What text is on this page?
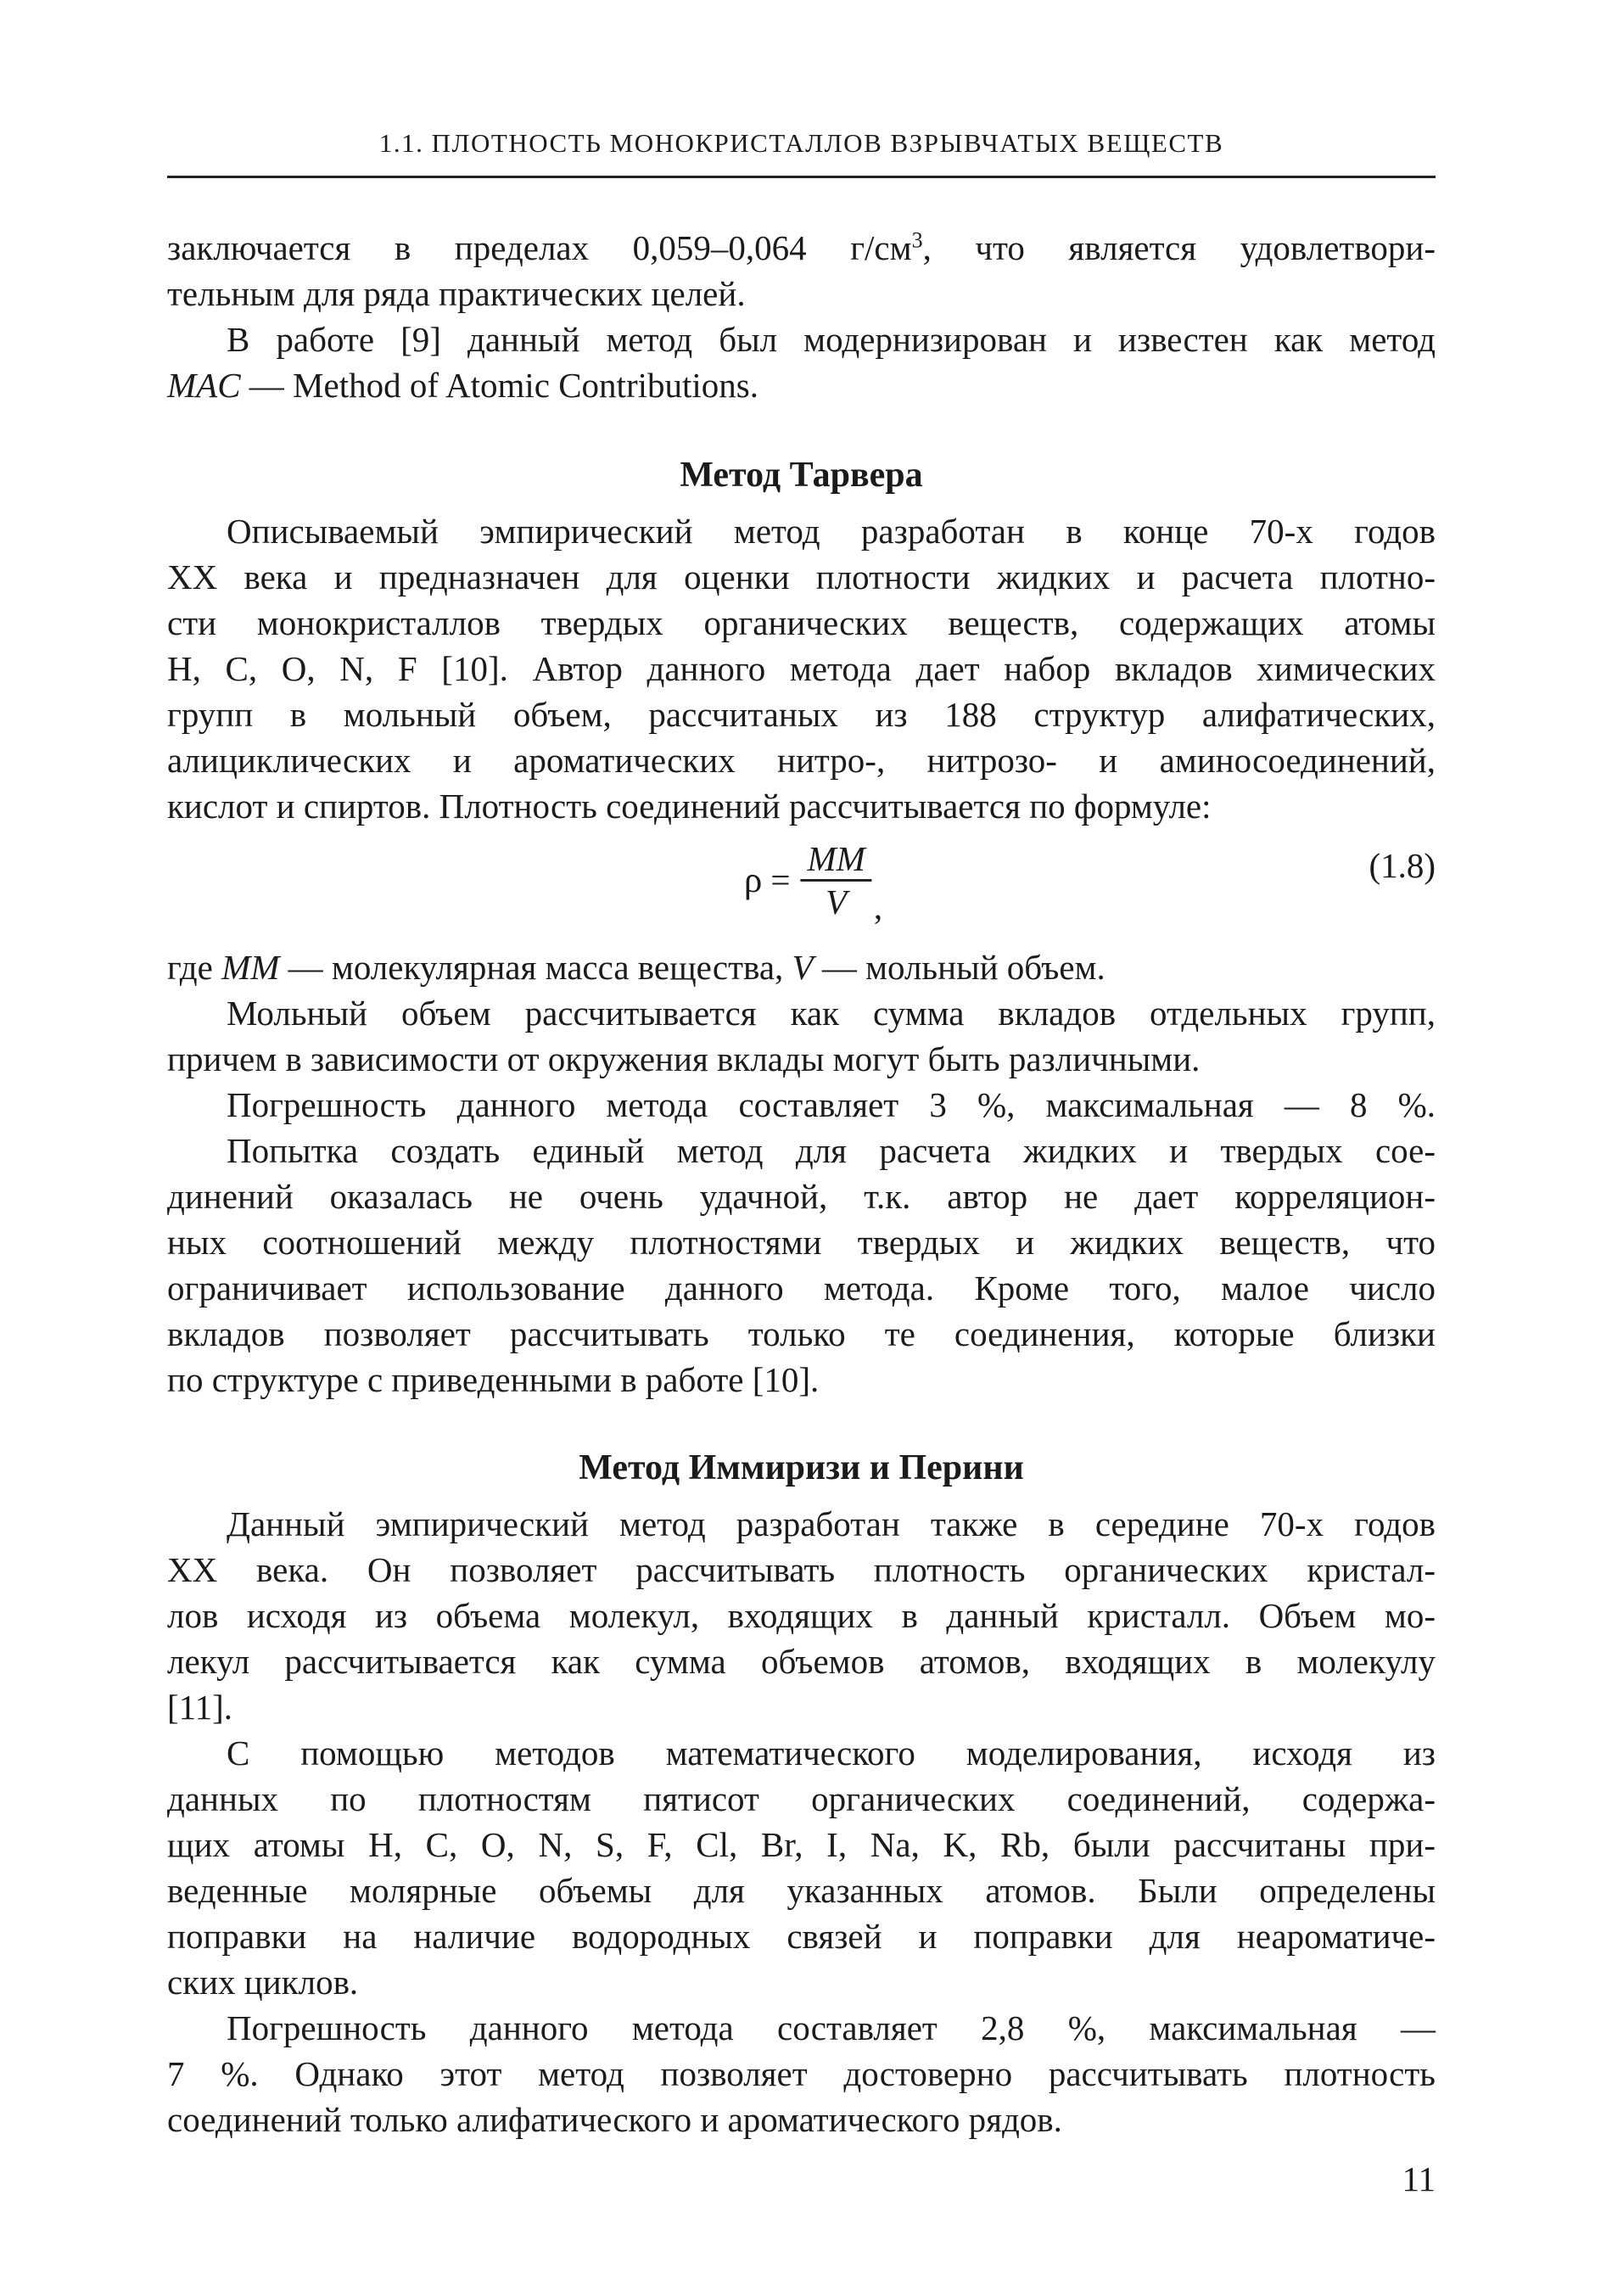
1.1. ПЛОТНОСТЬ МОНОКРИСТАЛЛОВ ВЗРЫВЧАТЫХ ВЕЩЕСТВ
заключается в пределах 0,059–0,064 $г/см^3$, что является удовлетвори-
тельным для ряда практических целей.
В работе [9] данный метод был модернизирован и известен как метод
MAC — Method of Atomic Contributions.
Метод Тарвера
Описываемый эмпирический метод разработан в конце 70-х годов
XX века и предназначен для оценки плотности жидких и расчета плотно-
сти монокристаллов твердых органических веществ, содержащих атомы
H, C, O, N, F [10]. Автор данного метода дает набор вкладов химических
групп в мольный объем, рассчитаных из 188 структур алифатических,
алициклических и ароматических нитро-, нитрозо- и аминосоединений,
кислот и спиртов. Плотность соединений рассчитывается по формуле:
$\rho = \frac{MM}{V}$ ,
(1.8)
где ММ — молекулярная масса вещества, V — мольный объем.
Мольный объем рассчитывается как сумма вкладов отдельных групп,
причем в зависимости от окружения вклады могут быть различными.
Погрешность данного метода составляет 3 %, максимальная — 8 %.
Попытка создать единый метод для расчета жидких и твердых сое-
динений оказалась не очень удачной, т.к. автор не дает корреляцион-
ных соотношений между плотностями твердых и жидких веществ, что
ограничивает использование данного метода. Кроме того, малое число
вкладов позволяет рассчитывать только те соединения, которые близки
по структуре с приведенными в работе [10].
Метод Иммиризи и Перини
Данный эмпирический метод разработан также в середине 70-х годов
XX века. Он позволяет рассчитывать плотность органических кристал-
лов исходя из объема молекул, входящих в данный кристалл. Объем мо-
лекул рассчитывается как сумма объемов атомов, входящих в молекулу
[11].
С помощью методов математического моделирования, исходя из
данных по плотностям пятисот органических соединений, содержа-
щих атомы H, C, O, N, S, F, Cl, Br, I, Na, K, Rb, были рассчитаны при-
веденные молярные объемы для указанных атомов. Были определены
поправки на наличие водородных связей и поправки для неароматиче-
ских циклов.
Погрешность данного метода составляет 2,8 %, максимальная —
7 %. Однако этот метод позволяет достоверно рассчитывать плотность
соединений только алифатического и ароматического рядов.
11
